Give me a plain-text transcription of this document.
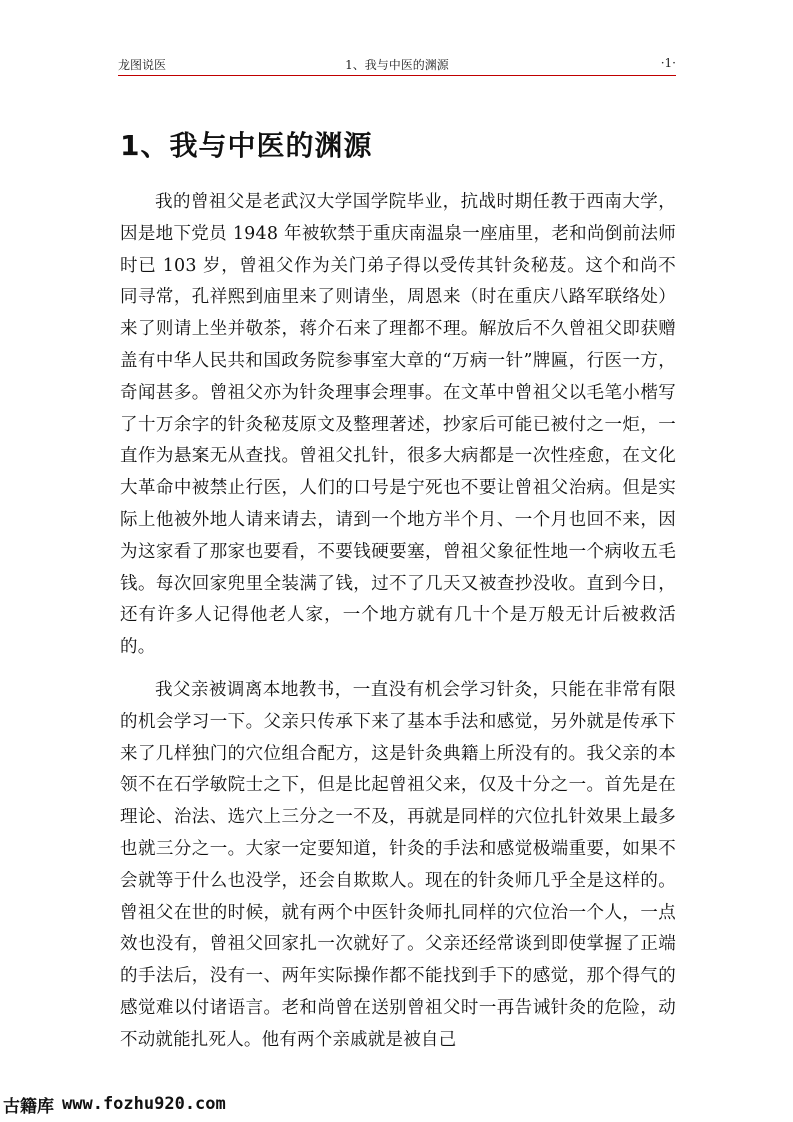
龙图说医	1、我与中医的渊源	·1·
1、我与中医的渊源

我的曾祖父是老武汉大学国学院毕业，抗战时期任教于西南大学，因是地下党员 1948 年被软禁于重庆南温泉一座庙里，老和尚倒前法师时已 103 岁，曾祖父作为关门弟子得以受传其针灸秘芨。这个和尚不同寻常，孔祥熙到庙里来了则请坐，周恩来（时在重庆八路军联络处）来了则请上坐并敬茶，蒋介石来了理都不理。解放后不久曾祖父即获赠盖有中华人民共和国政务院参事室大章的“万病一针”牌匾，行医一方，奇闻甚多。曾祖父亦为针灸理事会理事。在文革中曾祖父以毛笔小楷写了十万余字的针灸秘芨原文及整理著述，抄家后可能已被付之一炬，一直作为悬案无从查找。曾祖父扎针，很多大病都是一次性痊愈，在文化大革命中被禁止行医，人们的口号是宁死也不要让曾祖父治病。但是实际上他被外地人请来请去，请到一个地方半个月、一个月也回不来，因为这家看了那家也要看，不要钱硬要塞，曾祖父象征性地一个病收五毛钱。每次回家兜里全装满了钱，过不了几天又被查抄没收。直到今日，还有许多人记得他老人家，一个地方就有几十个是万般无计后被救活的。

我父亲被调离本地教书，一直没有机会学习针灸，只能在非常有限的机会学习一下。父亲只传承下来了基本手法和感觉，另外就是传承下来了几样独门的穴位组合配方，这是针灸典籍上所没有的。我父亲的本领不在石学敏院士之下，但是比起曾祖父来，仅及十分之一。首先是在理论、治法、选穴上三分之一不及，再就是同样的穴位扎针效果上最多也就三分之一。大家一定要知道，针灸的手法和感觉极端重要，如果不会就等于什么也没学，还会自欺欺人。现在的针灸师几乎全是这样的。曾祖父在世的时候，就有两个中医针灸师扎同样的穴位治一个人，一点效也没有，曾祖父回家扎一次就好了。父亲还经常谈到即使掌握了正端的手法后，没有一、两年实际操作都不能找到手下的感觉，那个得气的感觉难以付诸语言。老和尚曾在送别曾祖父时一再告诫针灸的危险，动不动就能扎死人。他有两个亲戚就是被自己

古籍库 www.fozhu920.com
